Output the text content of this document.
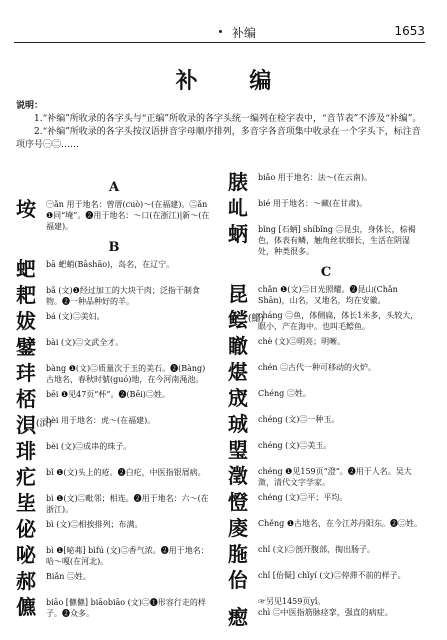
补编	1653
补 编
说明：

1.“补编”所收录的各字头与“正编”所收录的各字头统一编列在检字表中，“音节表”不涉及“补编”。

2.“补编”所收录的各字头按汉语拼音字母顺序排列，多音字各音项集中收录在一个字头下，标注音项序号㊀㊁……

A
垵 ㊀ǎn 用于地名：曾厝(cuò)～(在福建)。㊁ǎn ❶同“埯”。❷用于地名：～口(在浙江)|新～(在福建)。
B
蚆 bā 蚆蛸(Bāshāo)，岛名，在辽宁。
耙 bǎ (文)❶经过加工的大块干肉；泛指干制食物。❷一种品种好的羊。
妭 bá (文)㊁美妇。
鐾 bài (文)㊁文武全才。
玤 bàng ❶(文)㊁质量次于玉的美石。❷(Bàng)古地名，春秋时號(guó)地，在今河南渑池。
桮 bēi ❶见47页“杯”。❷(Bēi)㊁姓。
浿 (湏)
bèi 用于地名：虎～(在福建)。
琲 bèi (文)㊁成串的珠子。
疕 bǐ ❶(文)头上的疮。❷白疕，中医指银屑病。
坒 bì ❶(文)㊁毗邻；相连。❷用于地名：六～(在浙江)。
佖 bì (文)㊁相挨排列；布满。
咇 bì ❶[咇茀] bìfú (文)㊁香气浓。❷用于地名：哈～嘎(在河北)。
郝 Biǎn ㊁姓。
儦 biāo [儦儦] biāobiāo (文)㊁❶形容行走的样子。❷众多。
脿 biǎo 用于地名：法～(在云南)。
乢 bié 用于地名：～藏(在甘肃)。
蛃 bǐng [石蛃] shíbǐng ㊁昆虫，身体长，棕褐色，体表有鳞，触角丝状细长，生活在阴湿处，种类很多。
C
昆 chǎn ❶(文)㊁日光照耀。❷昆山(Chǎn Shān)，山名，又地名，均在安徽。
鲿 (鱨)
cháng ㊁鱼，体侧扁，体长1米多，头较大，眼小，产在海中。也叫毛鲿鱼。
瞮 chè (文)㊁明亮；明晰。
煁 chén ㊁古代一种可移动的火炉。
宬 Chéng ㊁姓。
珹 chéng (文)㊁一种玉。
琞 chéng (文)㊁美玉。
澂 chéng ❶见159页“澄”。❷用于人名。吴大澂，清代文字学家。
憕 chéng (文)㊁平；平均。
庱 Chěng ❶古地名，在今江苏丹阳东。❷㊁姓。
胣 chǐ (文)㊁剖开腹部，掏出肠子。
佁 chǐ [佁儗] chǐyí (文)㊁停滞不前的样子。
☞另见1459页yǐ。
瘛 chì ㊁中医指筋脉痉挛，强直的病症。
